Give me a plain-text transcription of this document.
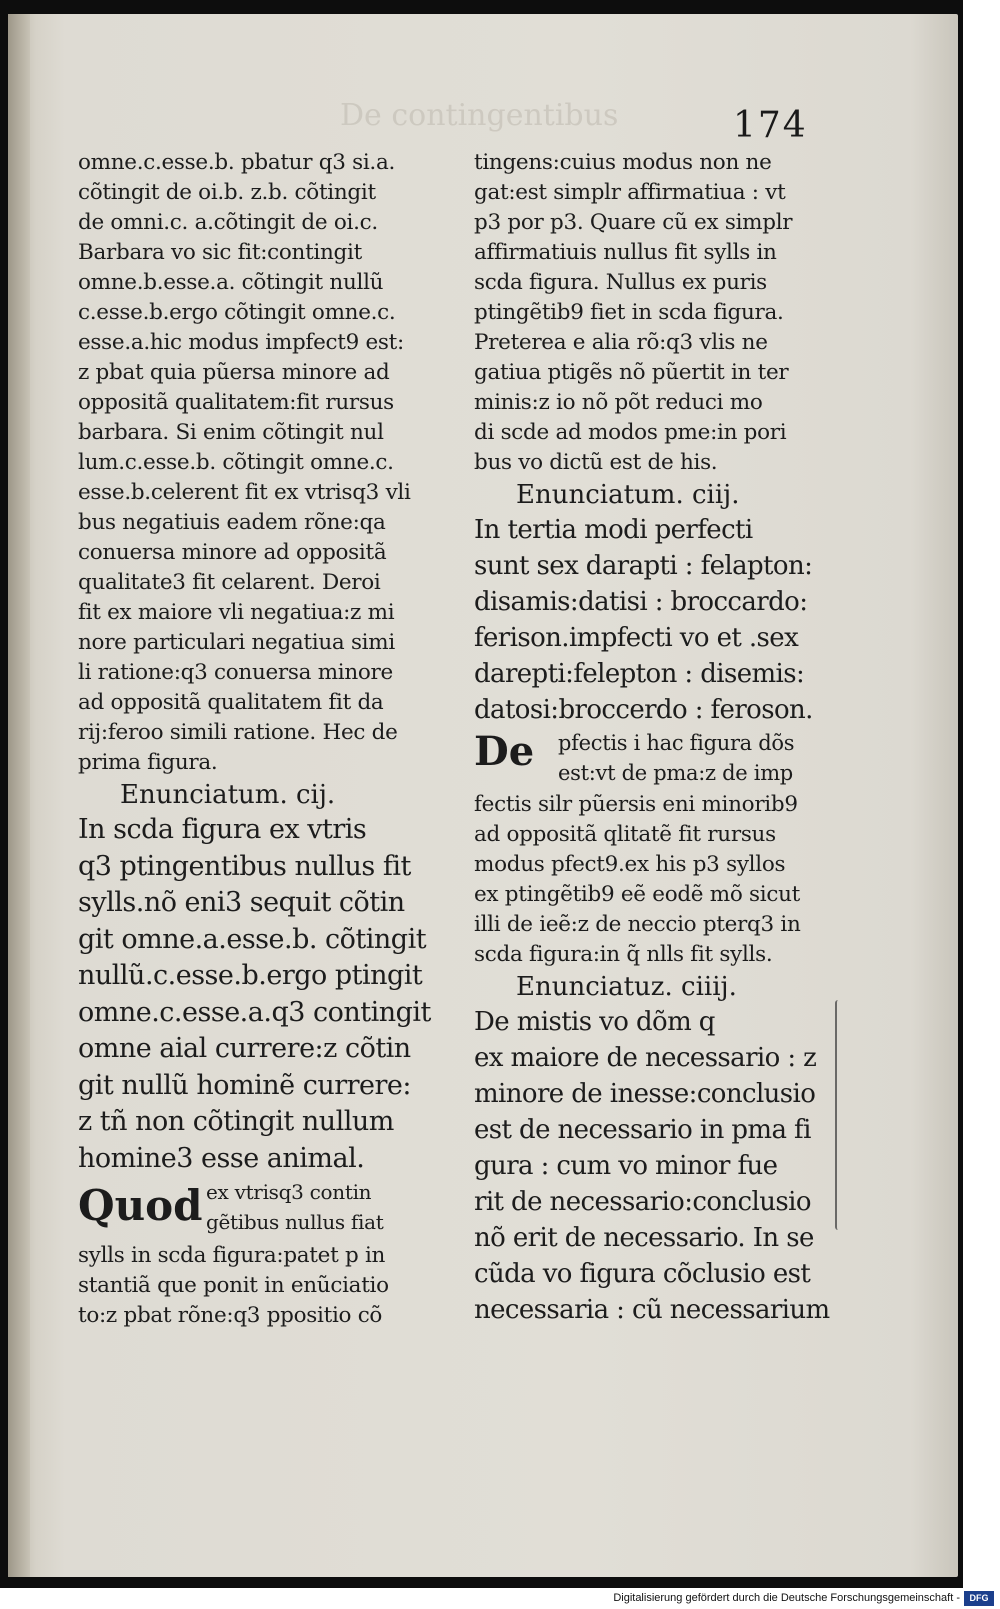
De contingentibus	174
omne.c.esse.b. pbatur q3 si.a.
cõtingit de oi.b. z.b. cõtingit
de omni.c. a.cõtingit de oi.c.
Barbara vo sic fit:contingit
omne.b.esse.a. cõtingit nullũ
c.esse.b.ergo cõtingit omne.c.
esse.a.hic modus impfect9 est:
z pbat quia pũersa minore ad
oppositã qualitatem:fit rursus
barbara. Si enim cõtingit nul
lum.c.esse.b. cõtingit omne.c.
esse.b.celerent fit ex vtrisq3 vli
bus negatiuis eadem rõne:qa
conuersa minore ad oppositã
qualitate3 fit celarent. Deroi
fit ex maiore vli negatiua:z mi
nore particulari negatiua simi
li ratione:q3 conuersa minore
ad oppositã qualitatem fit da
rij:feroo simili ratione. Hec de
prima figura.
Enunciatum. cij.
In scda figura ex vtris
q3 ptingentibus nullus fit
sylls.nõ eni3 sequit cõtin
git omne.a.esse.b. cõtingit
nullũ.c.esse.b.ergo ptingit
omne.c.esse.a.q3 contingit
omne aial currere:z cõtin
git nullũ hominẽ currere:
z tñ non cõtingit nullum
homine3 esse animal.
Quod ex vtrisq3 contin
gẽtibus nullus fiat
sylls in scda figura:patet p in
stantiã que ponit in enũciatio
to:z pbat rõne:q3 ppositio cõ
tingens:cuius modus non ne
gat:est simplr affirmatiua : vt
p3 por p3. Quare cũ ex simplr
affirmatiuis nullus fit sylls in
scda figura. Nullus ex puris
ptingẽtib9 fiet in scda figura.
Preterea e alia rõ:q3 vlis ne
gatiua ptigẽs nõ pũertit in ter
minis:z io nõ põt reduci mo
di scde ad modos pme:in pori
bus vo dictũ est de his.
Enunciatum. ciij.
In tertia modi perfecti
sunt sex darapti : felapton:
disamis:datisi : broccardo:
ferison.impfecti vo et .sex
darepti:felepton : disemis:
datosi:broccerdo : feroson.
De pfectis i hac figura dõs
est:vt de pma:z de imp
fectis silr pũersis eni minorib9
ad oppositã qlitatẽ fit rursus
modus pfect9.ex his p3 syllos
ex ptingẽtib9 eẽ eodẽ mõ sicut
illi de ieẽ:z de neccio pterq3 in
scda figura:in q̃ nlls fit sylls.
Enunciatuz. ciiij.
De mistis vo dõm q
ex maiore de necessario : z
minore de inesse:conclusio
est de necessario in pma fi
gura : cum vo minor fue
rit de necessario:conclusio
nõ erit de necessario. In se
cũda vo figura cõclusio est
necessaria : cũ necessarium
Digitalisierung gefördert durch die Deutsche Forschungsgemeinschaft -	DFG
